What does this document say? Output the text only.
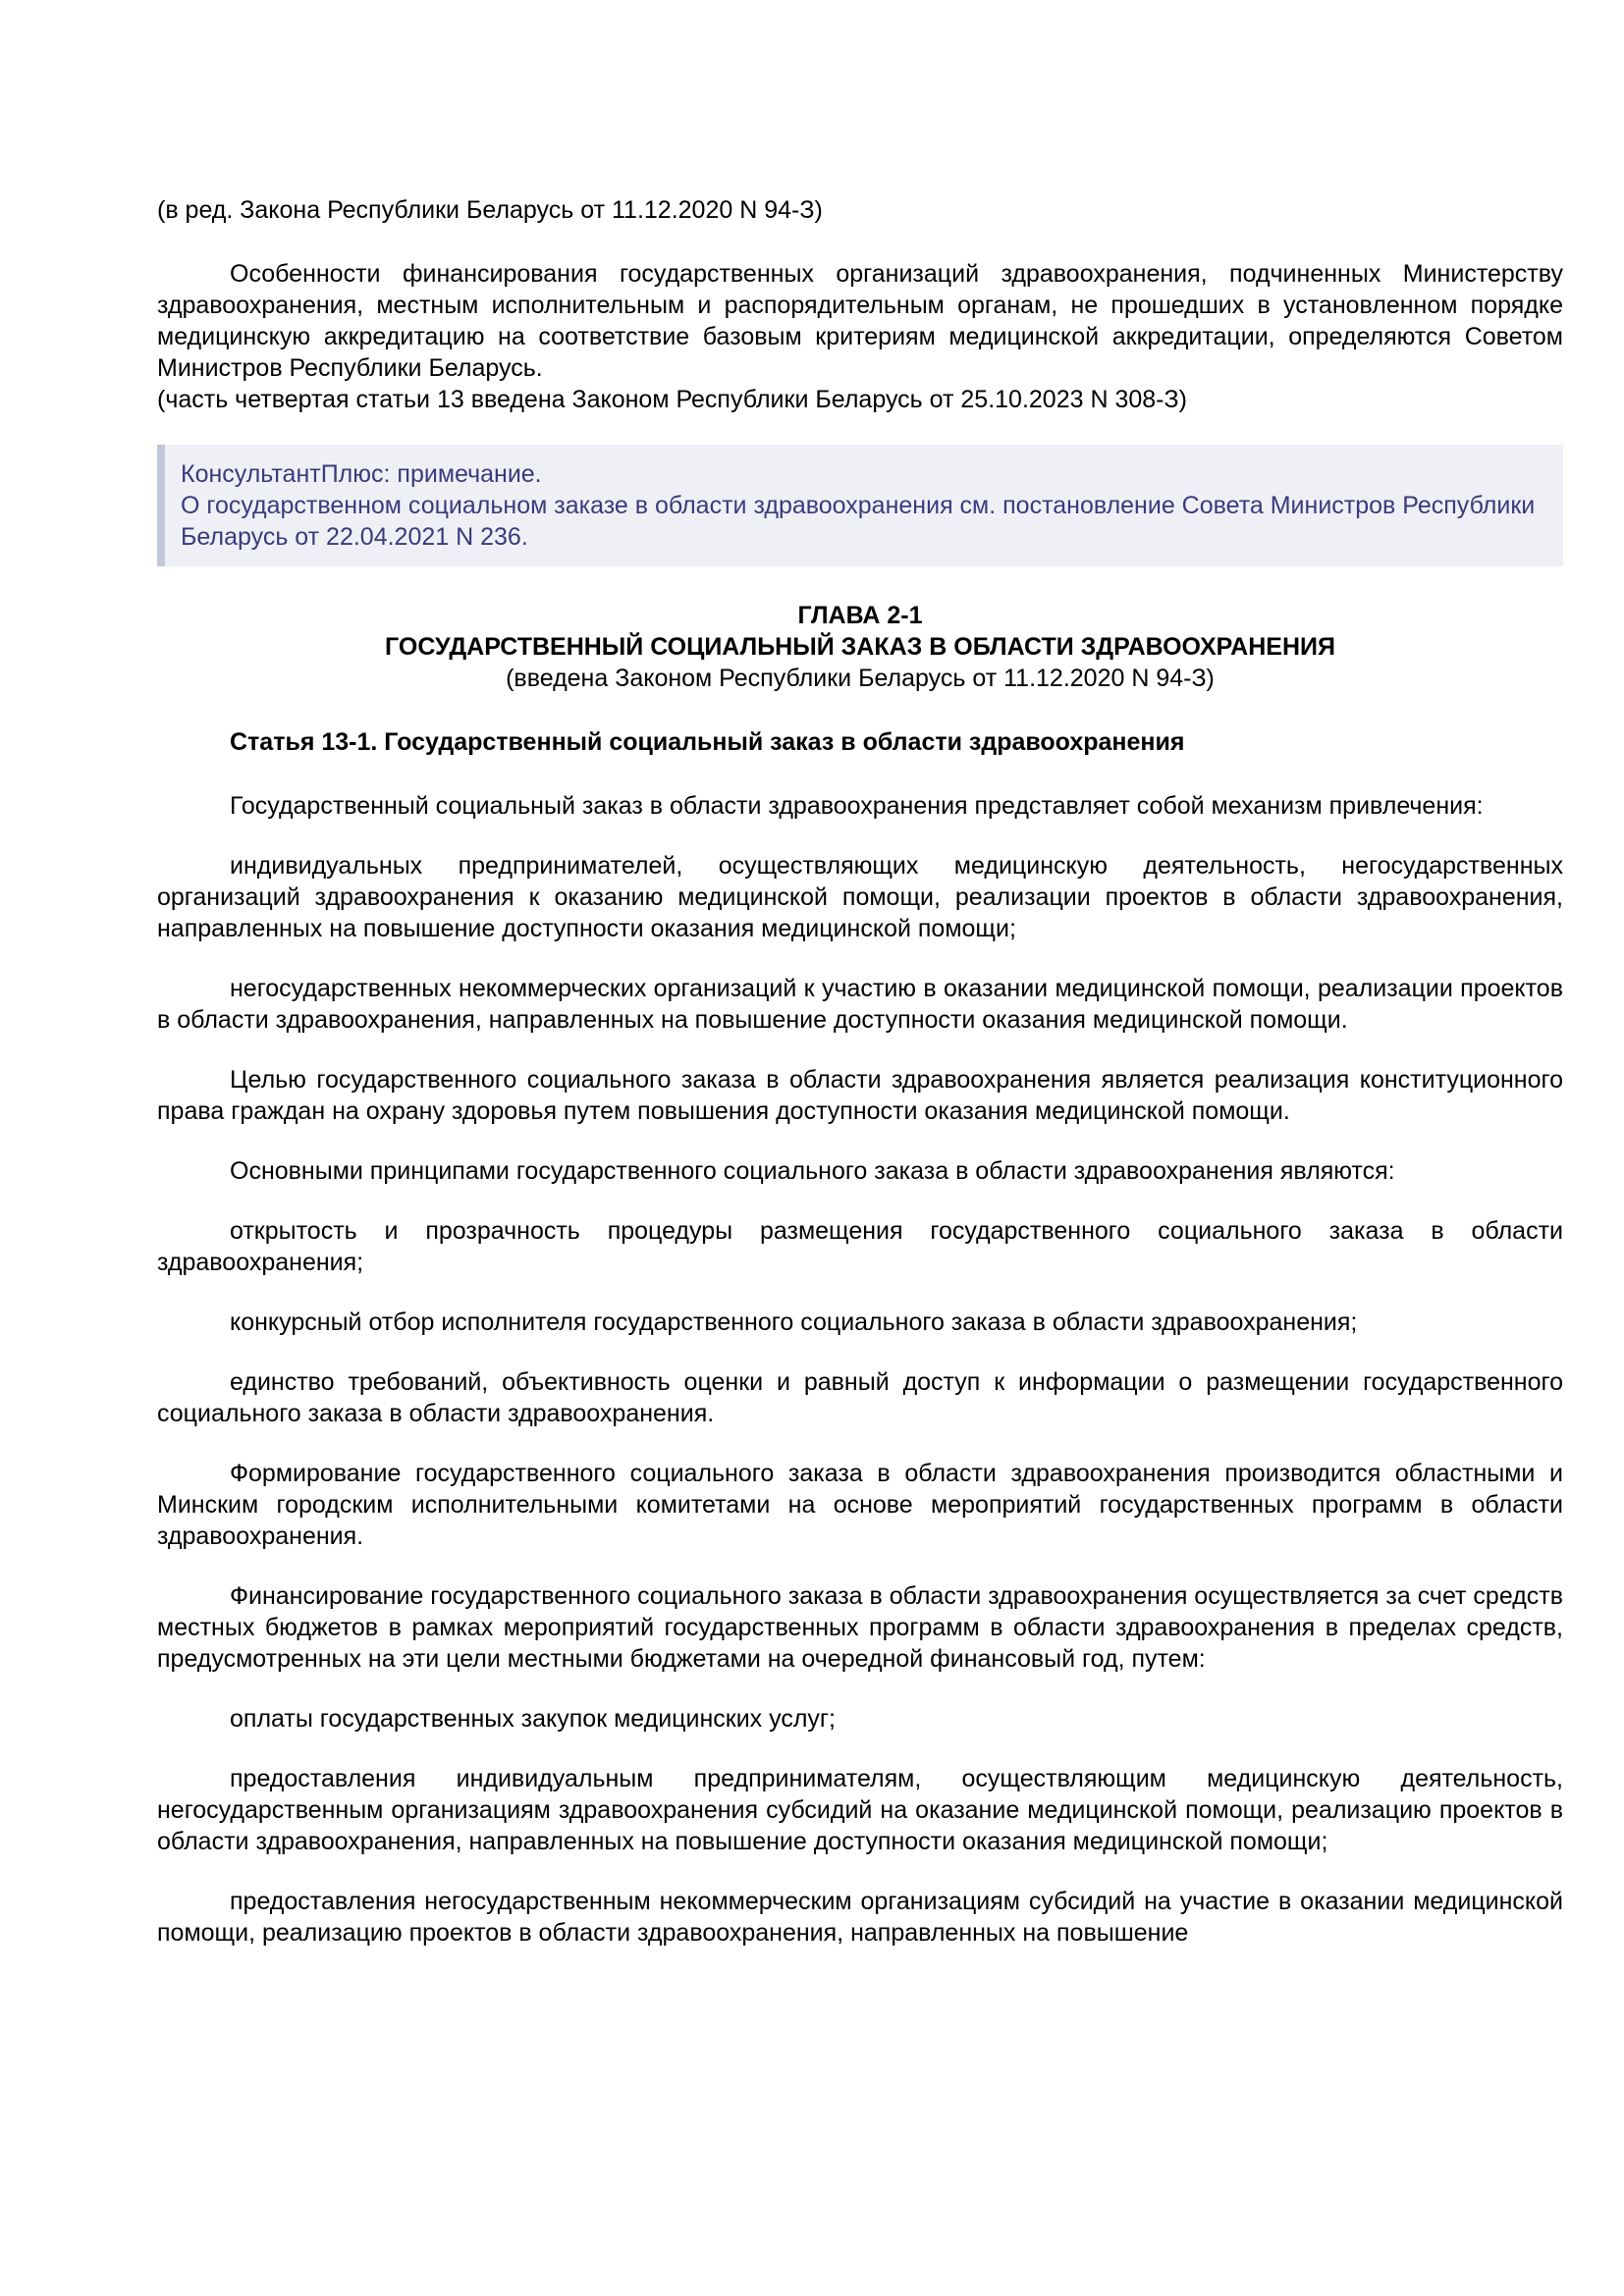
(в ред. Закона Республики Беларусь от 11.12.2020 N 94-З)

Особенности финансирования государственных организаций здравоохранения, подчиненных Министерству здравоохранения, местным исполнительным и распорядительным органам, не прошедших в установленном порядке медицинскую аккредитацию на соответствие базовым критериям медицинской аккредитации, определяются Советом Министров Республики Беларусь.

(часть четвертая статьи 13 введена Законом Республики Беларусь от 25.10.2023 N 308-З)

КонсультантПлюс: примечание.

О государственном социальном заказе в области здравоохранения см. постановление Совета Министров Республики Беларусь от 22.04.2021 N 236.

ГЛАВА 2-1

ГОСУДАРСТВЕННЫЙ СОЦИАЛЬНЫЙ ЗАКАЗ В ОБЛАСТИ ЗДРАВООХРАНЕНИЯ

(введена Законом Республики Беларусь от 11.12.2020 N 94-З)

Статья 13-1. Государственный социальный заказ в области здравоохранения

Государственный социальный заказ в области здравоохранения представляет собой механизм привлечения:

индивидуальных предпринимателей, осуществляющих медицинскую деятельность, негосударственных организаций здравоохранения к оказанию медицинской помощи, реализации проектов в области здравоохранения, направленных на повышение доступности оказания медицинской помощи;

негосударственных некоммерческих организаций к участию в оказании медицинской помощи, реализации проектов в области здравоохранения, направленных на повышение доступности оказания медицинской помощи.

Целью государственного социального заказа в области здравоохранения является реализация конституционного права граждан на охрану здоровья путем повышения доступности оказания медицинской помощи.

Основными принципами государственного социального заказа в области здравоохранения являются:

открытость и прозрачность процедуры размещения государственного социального заказа в области здравоохранения;

конкурсный отбор исполнителя государственного социального заказа в области здравоохранения;

единство требований, объективность оценки и равный доступ к информации о размещении государственного социального заказа в области здравоохранения.

Формирование государственного социального заказа в области здравоохранения производится областными и Минским городским исполнительными комитетами на основе мероприятий государственных программ в области здравоохранения.

Финансирование государственного социального заказа в области здравоохранения осуществляется за счет средств местных бюджетов в рамках мероприятий государственных программ в области здравоохранения в пределах средств, предусмотренных на эти цели местными бюджетами на очередной финансовый год, путем:

оплаты государственных закупок медицинских услуг;

предоставления индивидуальным предпринимателям, осуществляющим медицинскую деятельность, негосударственным организациям здравоохранения субсидий на оказание медицинской помощи, реализацию проектов в области здравоохранения, направленных на повышение доступности оказания медицинской помощи;

предоставления негосударственным некоммерческим организациям субсидий на участие в оказании медицинской помощи, реализацию проектов в области здравоохранения, направленных на повышение
